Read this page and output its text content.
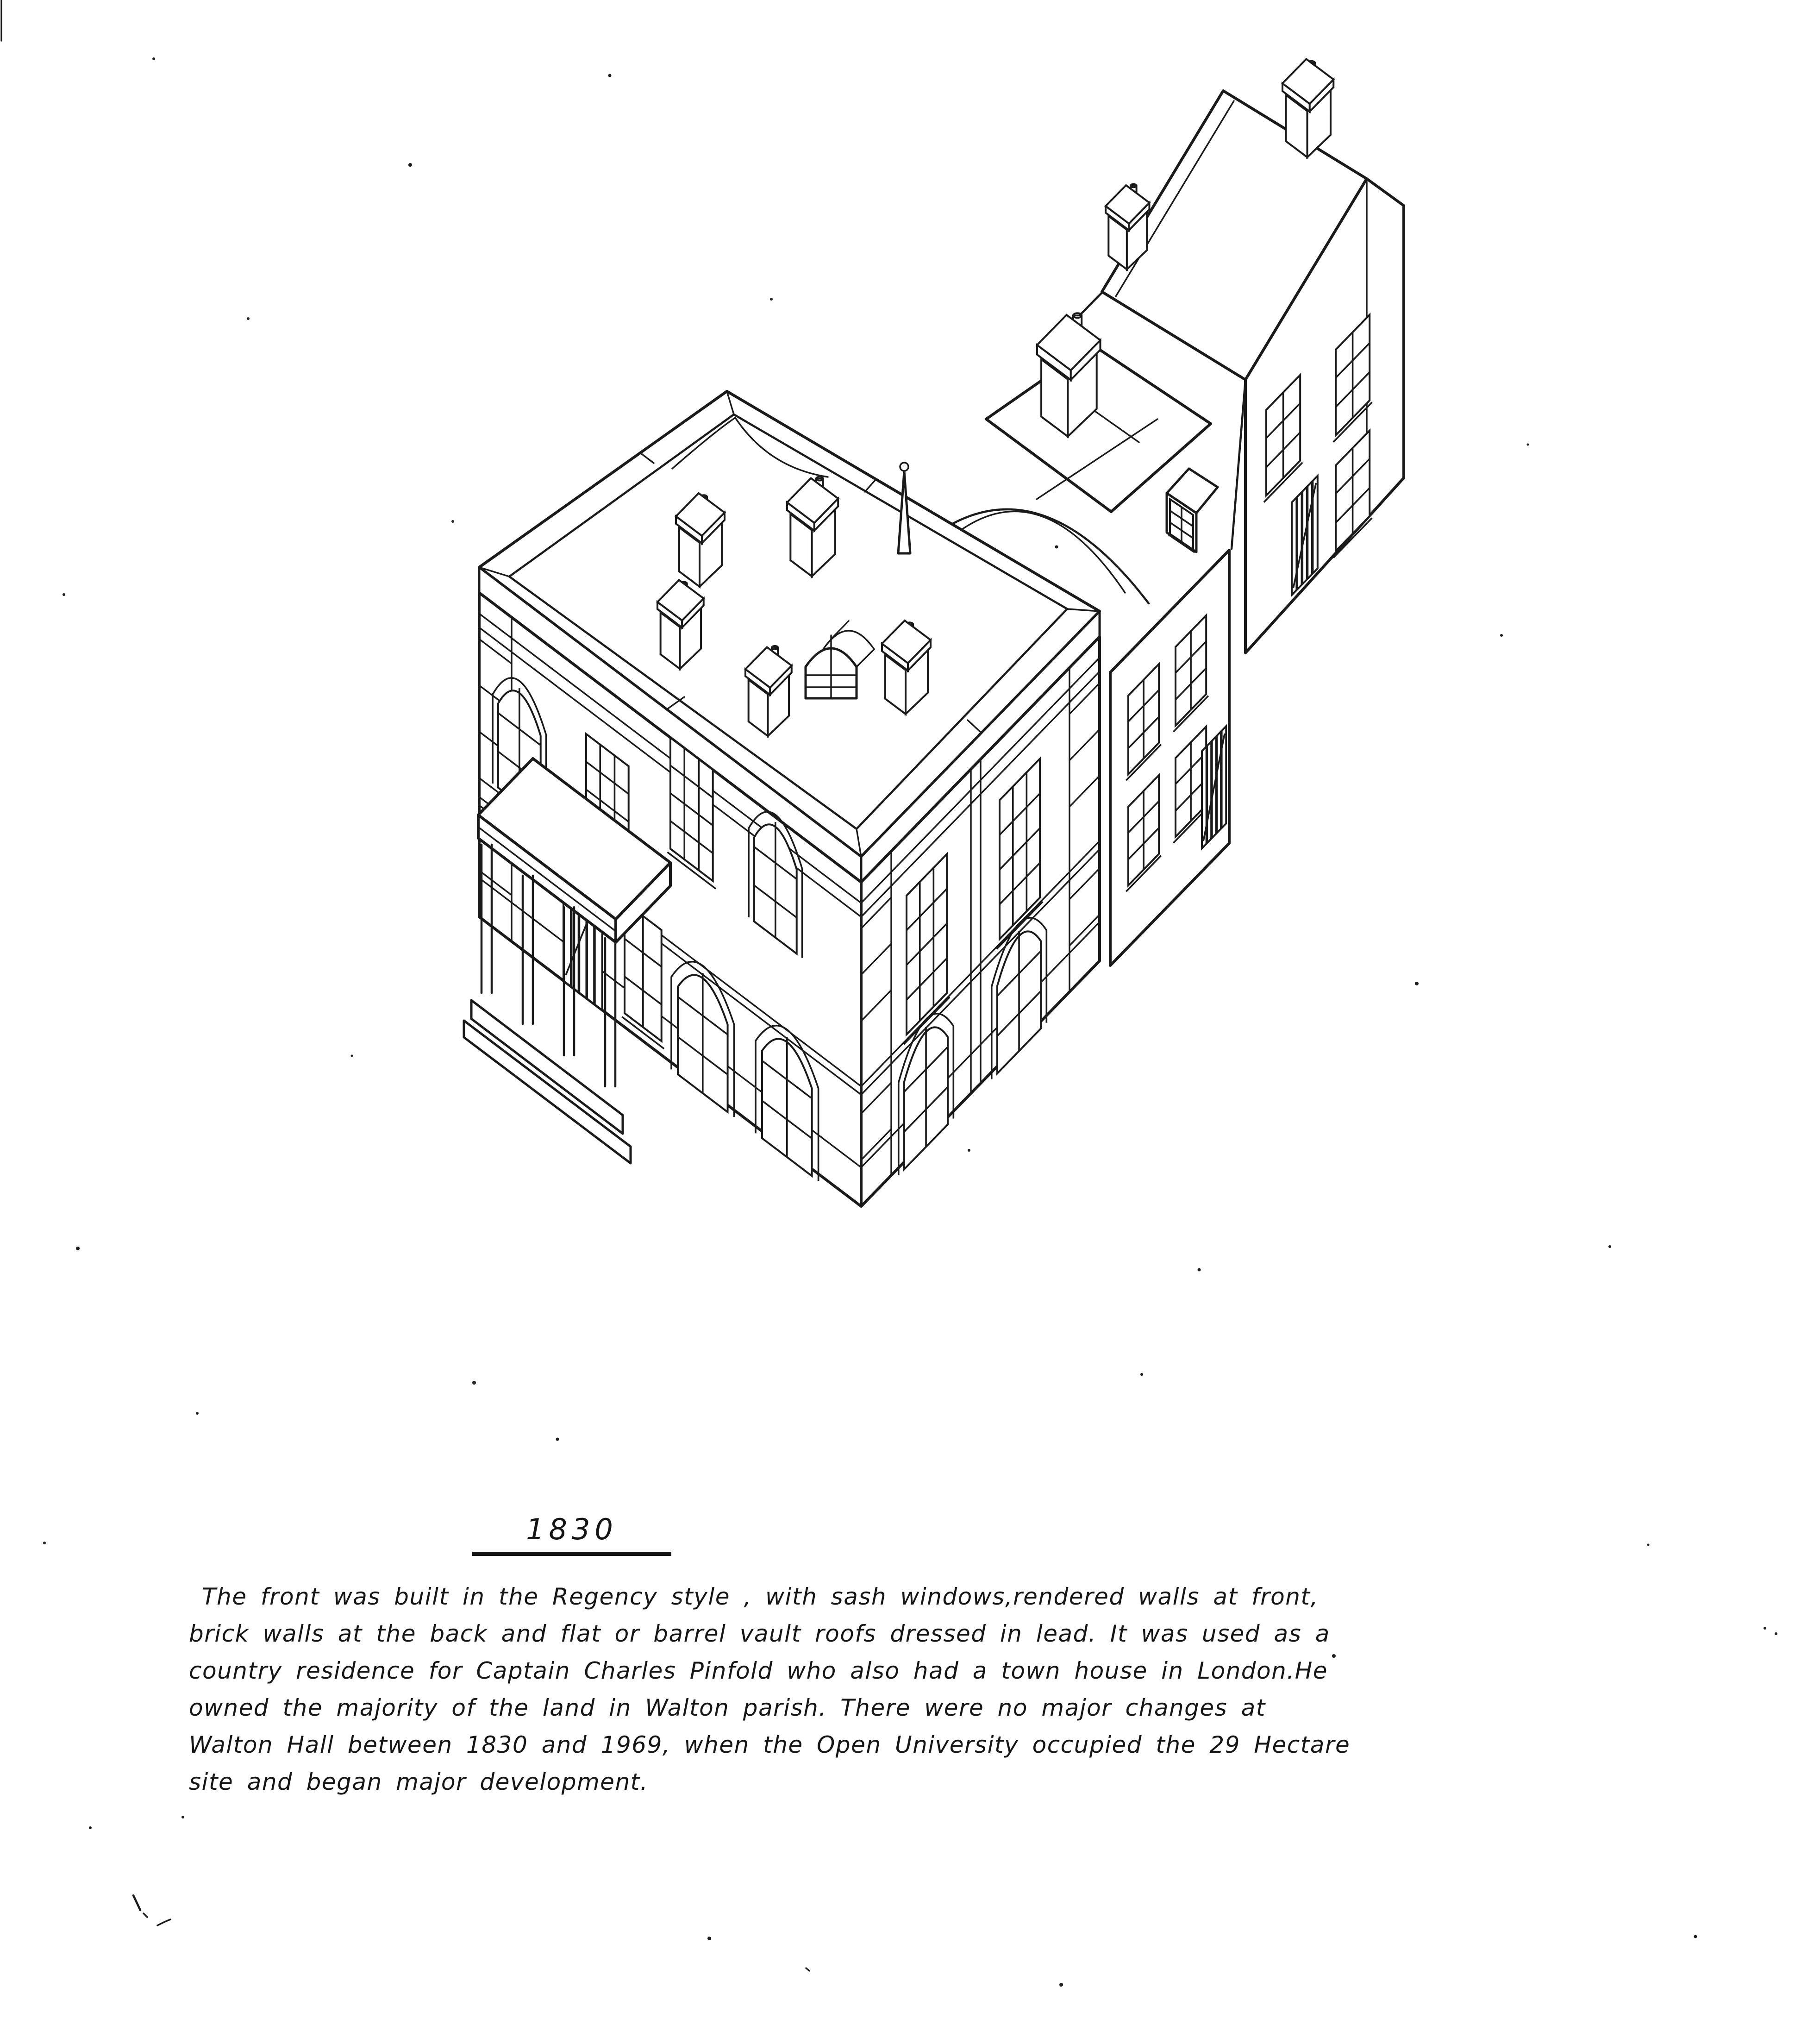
1830
The front was built in the Regency style , with sash windows,rendered walls at front,
brick walls at the back and flat or barrel vault roofs dressed in lead. It was used as a
country residence for Captain Charles Pinfold who also had a town house in London.He
owned the majority of the land in Walton parish. There were no major changes at
Walton Hall between 1830 and 1969, when the Open University occupied the 29 Hectare
site and began major development.
